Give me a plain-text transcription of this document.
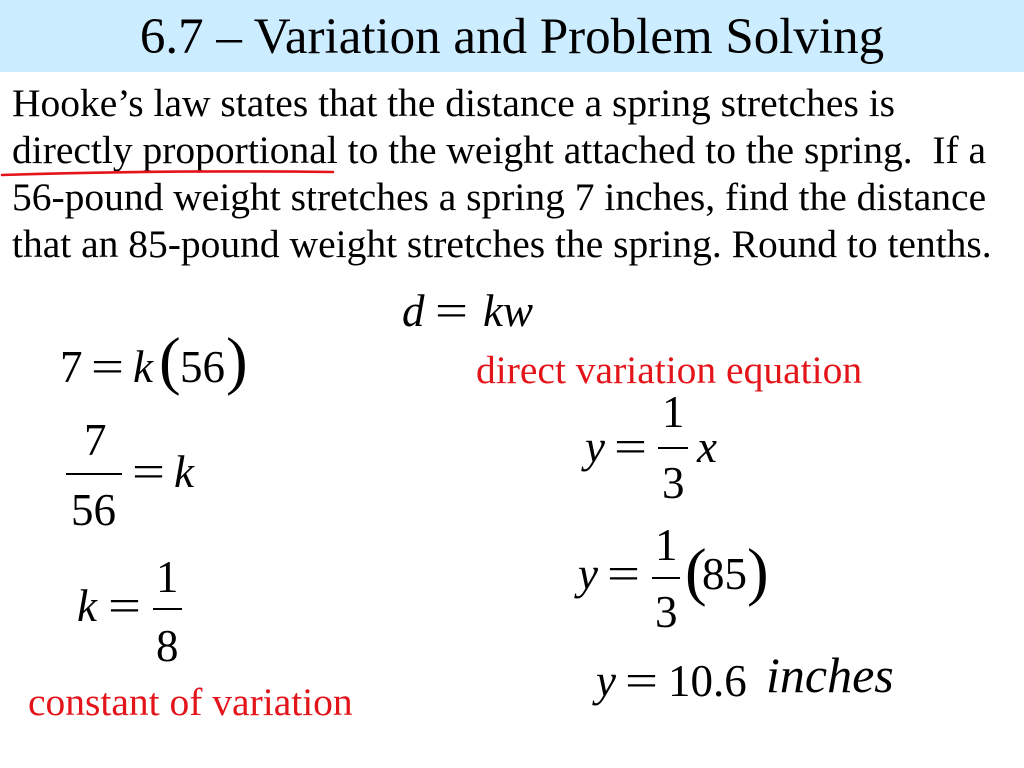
6.7 – Variation and Problem Solving
Hooke’s law states that the distance a spring stretches is
directly proportional to the weight attached to the spring.  If a
56-pound weight stretches a spring 7 inches, find the distance
that an 85-pound weight stretches the spring. Round to tenths.
d = kw
direct variation equation
7 = k ( 56 )
7
56
= k
k =
1
8
constant of variation
y =
1
3
x
y =
1
3
(
85 )
y = 10.6 inches
